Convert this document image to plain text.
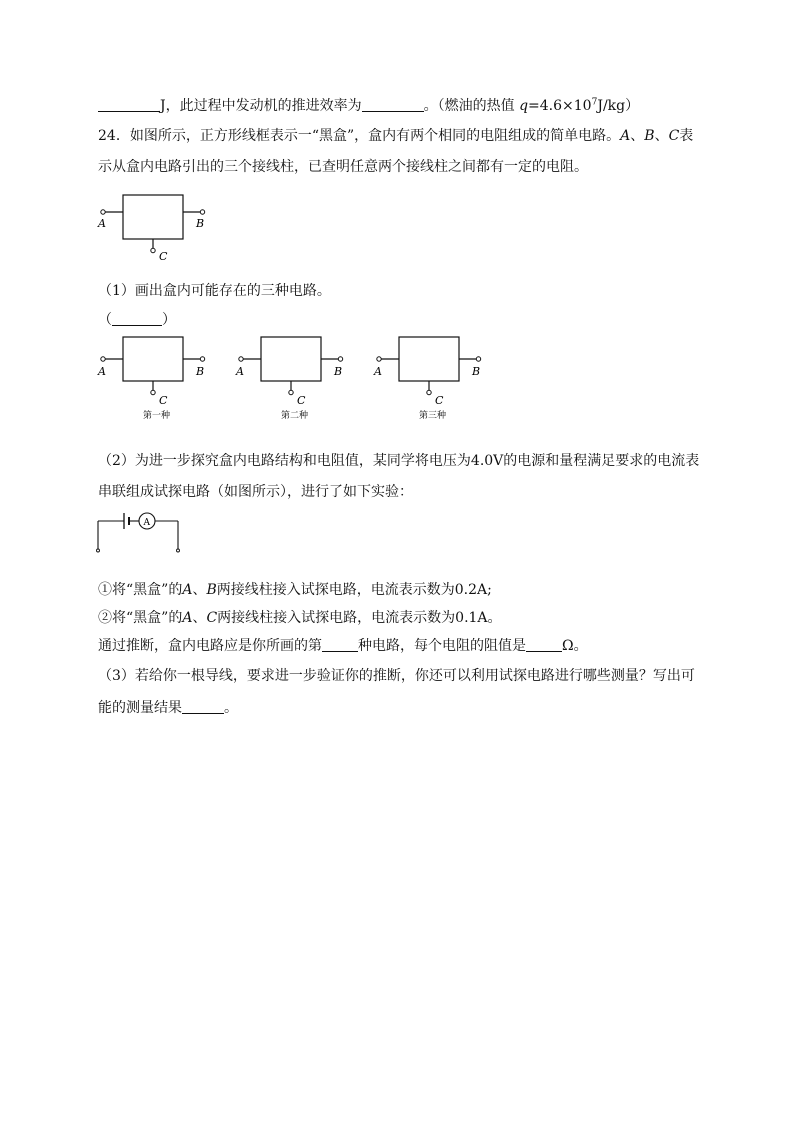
J，此过程中发动机的推进效率为	。（燃油的热值 $q=4.6\times 10^7J/kg$）
24．如图所示，正方形线框表示一“黑盒”，盒内有两个相同的电阻组成的简单电路。A、B、C表
示从盒内电路引出的三个接线柱，已查明任意两个接线柱之间都有一定的电阻。
A	B
C
（1）画出盒内可能存在的三种电路。
（	）
A	B
C
第一种
A	B
C
第二种
A	B
C
第三种
（2）为进一步探究盒内电路结构和电阻值，某同学将电压为4.0V的电源和量程满足要求的电流表
串联组成试探电路（如图所示），进行了如下实验：
A
①将“黑盒”的A、B两接线柱接入试探电路，电流表示数为0.2A;
②将“黑盒”的A、C两接线柱接入试探电路，电流表示数为0.1A。
通过推断，盒内电路应是你所画的第	种电路，每个电阻的阻值是	Ω。
（3）若给你一根导线，要求进一步验证你的推断，你还可以利用试探电路进行哪些测量？写出可
能的测量结果	。
